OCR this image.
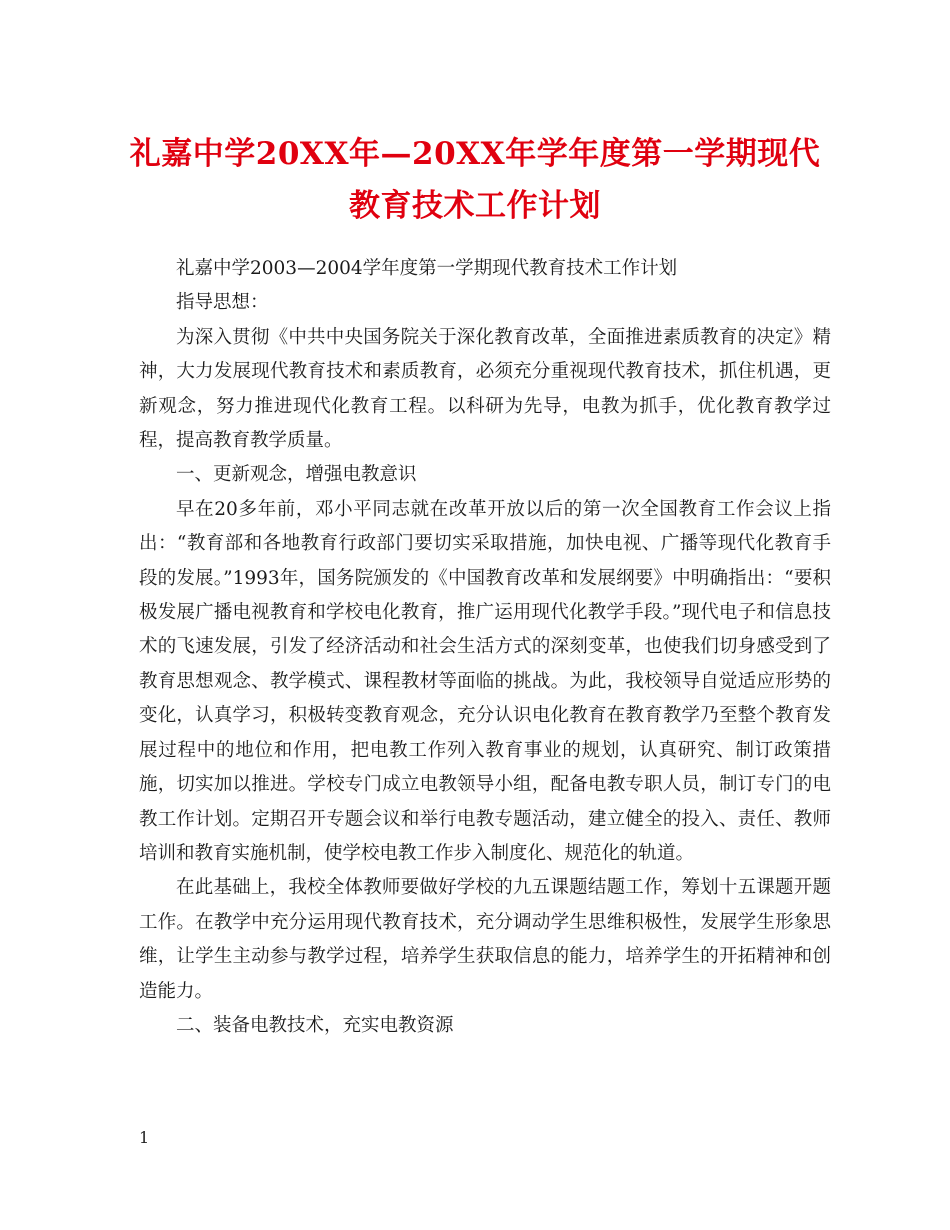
礼嘉中学20XX年—20XX年学年度第一学期现代教育技术工作计划

礼嘉中学2003—2004学年度第一学期现代教育技术工作计划

指导思想：

为深入贯彻《中共中央国务院关于深化教育改革，全面推进素质教育的决定》精神，大力发展现代教育技术和素质教育，必须充分重视现代教育技术，抓住机遇，更新观念，努力推进现代化教育工程。以科研为先导，电教为抓手，优化教育教学过程，提高教育教学质量。

一、更新观念，增强电教意识

早在20多年前，邓小平同志就在改革开放以后的第一次全国教育工作会议上指出：“教育部和各地教育行政部门要切实采取措施，加快电视、广播等现代化教育手段的发展。”1993年，国务院颁发的《中国教育改革和发展纲要》中明确指出：“要积极发展广播电视教育和学校电化教育，推广运用现代化教学手段。”现代电子和信息技术的飞速发展，引发了经济活动和社会生活方式的深刻变革，也使我们切身感受到了教育思想观念、教学模式、课程教材等面临的挑战。为此，我校领导自觉适应形势的变化，认真学习，积极转变教育观念，充分认识电化教育在教育教学乃至整个教育发展过程中的地位和作用，把电教工作列入教育事业的规划，认真研究、制订政策措施，切实加以推进。学校专门成立电教领导小组，配备电教专职人员，制订专门的电教工作计划。定期召开专题会议和举行电教专题活动，建立健全的投入、责任、教师培训和教育实施机制，使学校电教工作步入制度化、规范化的轨道。

在此基础上，我校全体教师要做好学校的九五课题结题工作，筹划十五课题开题工作。在教学中充分运用现代教育技术，充分调动学生思维积极性，发展学生形象思维，让学生主动参与教学过程，培养学生获取信息的能力，培养学生的开拓精神和创造能力。

二、装备电教技术，充实电教资源

1
